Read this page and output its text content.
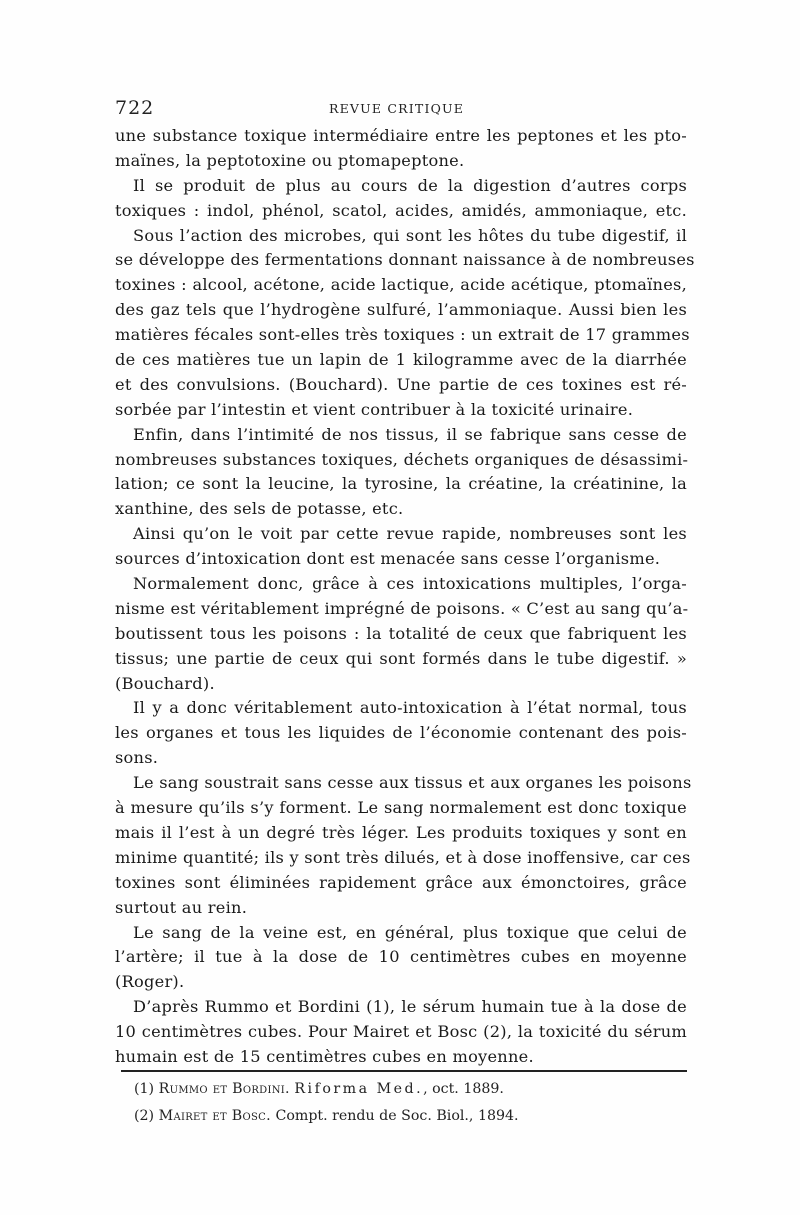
722	REVUE CRITIQUE
une substance toxique intermédiaire entre les peptones et les pto-
maïnes, la peptotoxine ou ptomapeptone.
Il se produit de plus au cours de la digestion d’autres corps
toxiques : indol, phénol, scatol, acides, amidés, ammoniaque, etc.
Sous l’action des microbes, qui sont les hôtes du tube digestif, il
se développe des fermentations donnant naissance à de nombreuses
toxines : alcool, acétone, acide lactique, acide acétique, ptomaïnes,
des gaz tels que l’hydrogène sulfuré, l’ammoniaque. Aussi bien les
matières fécales sont-elles très toxiques : un extrait de 17 grammes
de ces matières tue un lapin de 1 kilogramme avec de la diarrhée
et des convulsions. (Bouchard). Une partie de ces toxines est ré-
sorbée par l’intestin et vient contribuer à la toxicité urinaire.
Enfin, dans l’intimité de nos tissus, il se fabrique sans cesse de
nombreuses substances toxiques, déchets organiques de désassimi-
lation; ce sont la leucine, la tyrosine, la créatine, la créatinine, la
xanthine, des sels de potasse, etc.
Ainsi qu’on le voit par cette revue rapide, nombreuses sont les
sources d’intoxication dont est menacée sans cesse l’organisme.
Normalement donc, grâce à ces intoxications multiples, l’orga-
nisme est véritablement imprégné de poisons. « C’est au sang qu’a-
boutissent tous les poisons : la totalité de ceux que fabriquent les
tissus; une partie de ceux qui sont formés dans le tube digestif. »
(Bouchard).
Il y a donc véritablement auto-intoxication à l’état normal, tous
les organes et tous les liquides de l’économie contenant des pois-
sons.
Le sang soustrait sans cesse aux tissus et aux organes les poisons
à mesure qu’ils s’y forment. Le sang normalement est donc toxique
mais il l’est à un degré très léger. Les produits toxiques y sont en
minime quantité; ils y sont très dilués, et à dose inoffensive, car ces
toxines sont éliminées rapidement grâce aux émonctoires, grâce
surtout au rein.
Le sang de la veine est, en général, plus toxique que celui de
l’artère; il tue à la dose de 10 centimètres cubes en moyenne
(Roger).
D’après Rummo et Bordini (1), le sérum humain tue à la dose de
10 centimètres cubes. Pour Mairet et Bosc (2), la toxicité du sérum
humain est de 15 centimètres cubes en moyenne.
(1) Rummo et Bordini. Riforma Med., oct. 1889.
(2) Mairet et Bosc. Compt. rendu de Soc. Biol., 1894.
